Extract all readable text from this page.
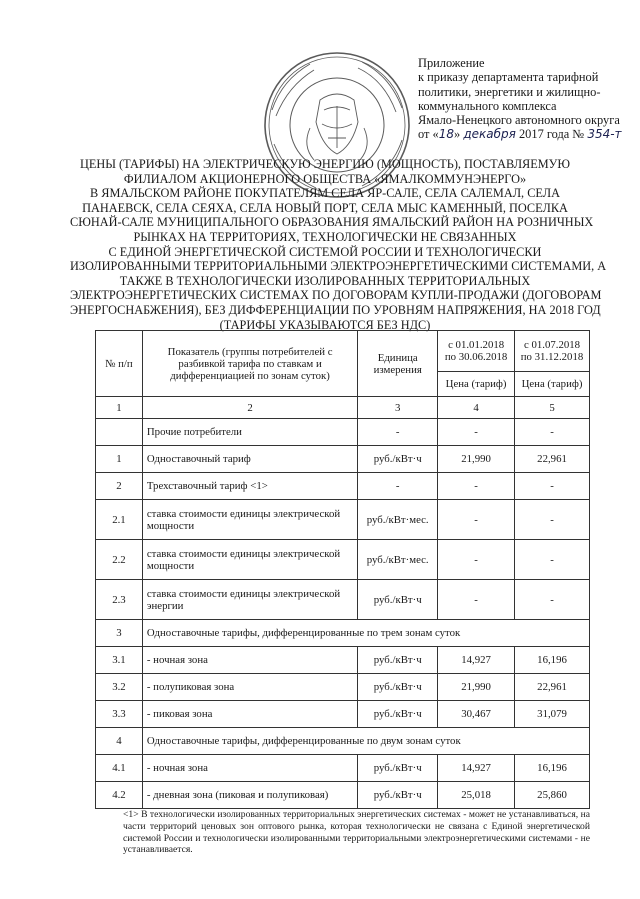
Приложение
к приказу департамента тарифной
политики, энергетики и жилищно-
коммунального комплекса
Ямало-Ненецкого автономного округа
от «18» декабря 2017 года № 354-т
ЦЕНЫ (ТАРИФЫ) НА ЭЛЕКТРИЧЕСКУЮ ЭНЕРГИЮ (МОЩНОСТЬ), ПОСТАВЛЯЕМУЮ
ФИЛИАЛОМ АКЦИОНЕРНОГО ОБЩЕСТВА «ЯМАЛКОММУНЭНЕРГО»
В ЯМАЛЬСКОМ РАЙОНЕ ПОКУПАТЕЛЯМ СЕЛА ЯР-САЛЕ, СЕЛА САЛЕМАЛ, СЕЛА
ПАНАЕВСК, СЕЛА СЕЯХА, СЕЛА НОВЫЙ ПОРТ, СЕЛА МЫС КАМЕННЫЙ, ПОСЕЛКА
СЮНАЙ-САЛЕ МУНИЦИПАЛЬНОГО ОБРАЗОВАНИЯ ЯМАЛЬСКИЙ РАЙОН НА РОЗНИЧНЫХ
РЫНКАХ НА ТЕРРИТОРИЯХ, ТЕХНОЛОГИЧЕСКИ НЕ СВЯЗАННЫХ
С ЕДИНОЙ ЭНЕРГЕТИЧЕСКОЙ СИСТЕМОЙ РОССИИ И ТЕХНОЛОГИЧЕСКИ
ИЗОЛИРОВАННЫМИ ТЕРРИТОРИАЛЬНЫМИ ЭЛЕКТРОЭНЕРГЕТИЧЕСКИМИ СИСТЕМАМИ, А
ТАКЖЕ В ТЕХНОЛОГИЧЕСКИ ИЗОЛИРОВАННЫХ ТЕРРИТОРИАЛЬНЫХ
ЭЛЕКТРОЭНЕРГЕТИЧЕСКИХ СИСТЕМАХ ПО ДОГОВОРАМ КУПЛИ-ПРОДАЖИ (ДОГОВОРАМ
ЭНЕРГОСНАБЖЕНИЯ), БЕЗ ДИФФЕРЕНЦИАЦИИ ПО УРОВНЯМ НАПРЯЖЕНИЯ, НА 2018 ГОД
(ТАРИФЫ УКАЗЫВАЮТСЯ БЕЗ НДС)
№ п/п	Показатель (группы потребителей с разбивкой тарифа по ставкам и дифференциацией по зонам суток)	Единица измерения	с 01.01.2018 по 30.06.2018	с 01.07.2018 по 31.12.2018
			Цена (тариф)	Цена (тариф)
1	2	3	4	5
	Прочие потребители	-	-	-
1	Одноставочный тариф	руб./кВт·ч	21,990	22,961
2	Трехставочный тариф <1>	-	-	-
2.1	ставка стоимости единицы электрической мощности	руб./кВт·мес.	-	-
2.2	ставка стоимости единицы электрической мощности	руб./кВт·мес.	-	-
2.3	ставка стоимости единицы электрической энергии	руб./кВт·ч	-	-
3	Одноставочные тарифы, дифференцированные по трем зонам суток			
3.1	- ночная зона	руб./кВт·ч	14,927	16,196
3.2	- полупиковая зона	руб./кВт·ч	21,990	22,961
3.3	- пиковая зона	руб./кВт·ч	30,467	31,079
4	Одноставочные тарифы, дифференцированные по двум зонам суток			
4.1	- ночная зона	руб./кВт·ч	14,927	16,196
4.2	- дневная зона (пиковая и полупиковая)	руб./кВт·ч	25,018	25,860
<1> В технологически изолированных территориальных энергетических системах - может не устанавливаться, на части территорий ценовых зон оптового рынка, которая технологически не связана с Единой энергетической системой России и технологически изолированными территориальными электроэнергетическими системами - не устанавливается.
